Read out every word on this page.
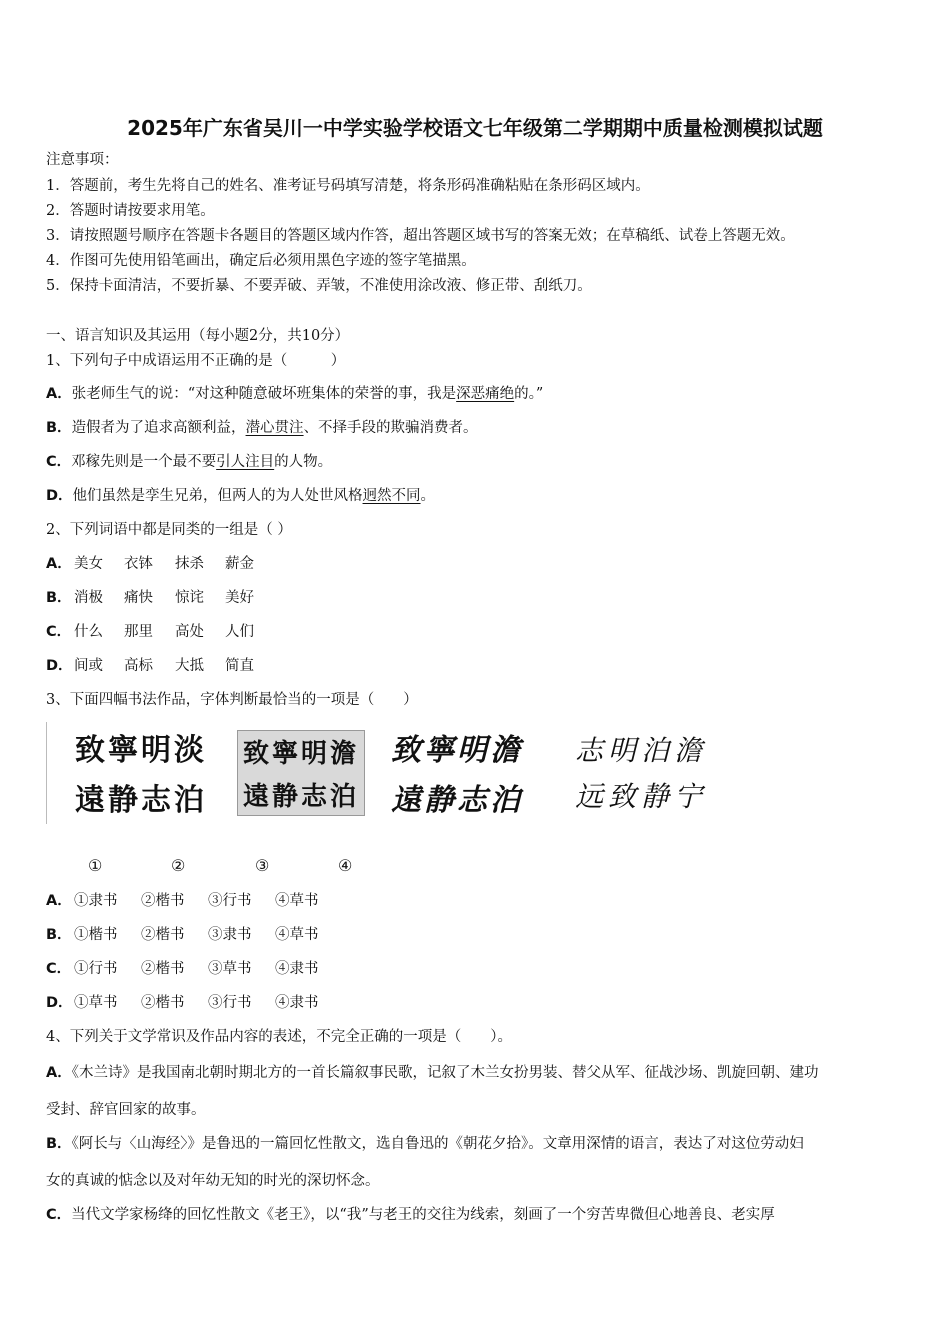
2025年广东省吴川一中学实验学校语文七年级第二学期期中质量检测模拟试题
注意事项：
1．答题前，考生先将自己的姓名、准考证号码填写清楚，将条形码准确粘贴在条形码区域内。
2．答题时请按要求用笔。
3．请按照题号顺序在答题卡各题目的答题区域内作答，超出答题区域书写的答案无效；在草稿纸、试卷上答题无效。
4．作图可先使用铅笔画出，确定后必须用黑色字迹的签字笔描黑。
5．保持卡面清洁，不要折暴、不要弄破、弄皱，不准使用涂改液、修正带、刮纸刀。
一、语言知识及其运用（每小题2分，共10分）
1、下列句子中成语运用不正确的是（　　　）
A．张老师生气的说：“对这种随意破坏班集体的荣誉的事，我是深恶痛绝的。”
B．造假者为了追求高额利益，潜心贯注、不择手段的欺骗消费者。
C．邓稼先则是一个最不要引人注目的人物。
D．他们虽然是孪生兄弟，但两人的为人处世风格迥然不同。
2、下列词语中都是同类的一组是（ ）
A． 美女 衣钵 抹杀 薪金
B． 消极 痛快 惊诧 美好
C． 什么 那里 高处 人们
D． 间或 高标 大抵 简直
3、下面四幅书法作品，字体判断最恰当的一项是（　　）
致寧明淡
遠静志泊
致寧明澹
遠静志泊
致寧明澹
遠静志泊
志明泊澹
远致静宁
①	②	③	④
A． ①隶书 ②楷书 ③行书 ④草书
B． ①楷书 ②楷书 ③隶书 ④草书
C． ①行书 ②楷书 ③草书 ④隶书
D． ①草书 ②楷书 ③行书 ④隶书
4、下列关于文学常识及作品内容的表述，不完全正确的一项是（　　）。
A．《木兰诗》是我国南北朝时期北方的一首长篇叙事民歌，记叙了木兰女扮男装、替父从军、征战沙场、凯旋回朝、建功
受封、辞官回家的故事。
B．《阿长与〈山海经〉》是鲁迅的一篇回忆性散文，选自鲁迅的《朝花夕拾》。文章用深情的语言，表达了对这位劳动妇
女的真诚的惦念以及对年幼无知的时光的深切怀念。
C．当代文学家杨绛的回忆性散文《老王》，以“我”与老王的交往为线索，刻画了一个穷苦卑微但心地善良、老实厚
